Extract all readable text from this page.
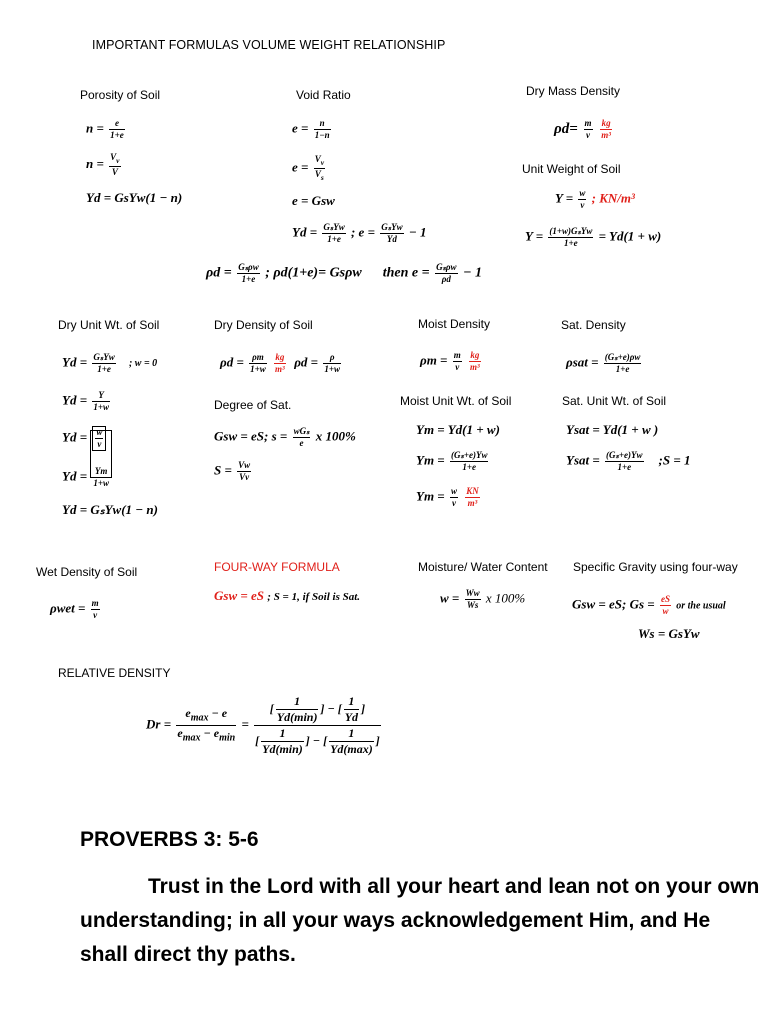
IMPORTANT FORMULAS VOLUME WEIGHT RELATIONSHIP
Porosity of Soil	Void Ratio	Dry Mass Density
$n = \frac{e}{1+e}$
$n = \frac{V_v}{V}$
Yd = GsYw(1 − n)
$e = \frac{n}{1-n}$
$e = \frac{V_v}{V_s}$
e = Gsw
$Yd = \frac{\text{GₛYw}}{1+e}$ ; $e = \frac{\text{GₛYw}}{Yd} - 1$
$\rho d= \frac{m}{v}$
$\frac{kg}{\text{m³}}$
Unit Weight of Soil
$Y = \frac{w}{v}$ ; KN/m³
$Y = \frac{\text{(1+w)GₛYw}}{1+e} = Yd(1 + w)$
$\rho d = \frac{\text{Gₛρw}}{1+e}$ ; ρd(1+e)= Gsρw then $e = \frac{\text{Gₛρw}}{\rho d} - 1$
Dry Unit Wt. of Soil	Dry Density of Soil	Moist Density	Sat. Density
$Yd = \frac{\text{GₛYw}}{1+e}$ ; w = 0
$Yd = \frac{Y}{1+w}$
$Yd = \frac{w}{v}$
$Yd = \frac{Ym}{1+w}$
Yd = GₛYw(1 − n)
$\rho d = \frac{\rho m}{1+w}$
$\frac{kg}{\text{m³}}$ $\rho d = \frac{\rho}{1+w}$	$\rho m = \frac{m}{v}$
$\frac{kg}{\text{m³}}$	$\rho sat = \frac{\text{(Gₛ+e)ρw}}{1+e}$
Degree of Sat.
Gsw = eS; $s = \frac{\text{wGₛ}}{e}$ x 100%
$S = \frac{Vw}{Vv}$
Moist Unit Wt. of Soil
Ym = Yd(1 + w)
$Ym = \frac{\text{(Gₛ+e)Yw}}{1+e}$
$Ym = \frac{w}{v}$
$\frac{KN}{\text{m³}}$
Sat. Unit Wt. of Soil
Ysat = Yd(1 + w )
Ysat = $\frac{\text{(Gₛ+e)Yw}}{1+e}$ ;S = 1
Wet Density of Soil	FOUR-WAY FORMULA	Moisture/ Water Content Specific Gravity using four-way
$\rho wet = \frac{m}{v}$
Gsw = eS ; S = 1, if Soil is Sat.	$w = \frac{Ww}{Ws}$ x 100%	Gsw = eS; $Gs = \frac{eS}{w}$ or the usual
Ws = GsYw
RELATIVE DENSITY
$Dr = \frac{e_{max} - e}{e_{max} - e_{min}} = \frac{[ \frac{1}{Yd(\min)} ] - [ \frac{1}{Yd} ]}{[ \frac{1}{Yd(\min)} ] - [ \frac{1}{Yd(\max)} ]}$
PROVERBS 3: 5-6
Trust in the Lord with all your heart and lean not on your own understanding; in all your ways acknowledgement Him, and He shall direct thy paths.
